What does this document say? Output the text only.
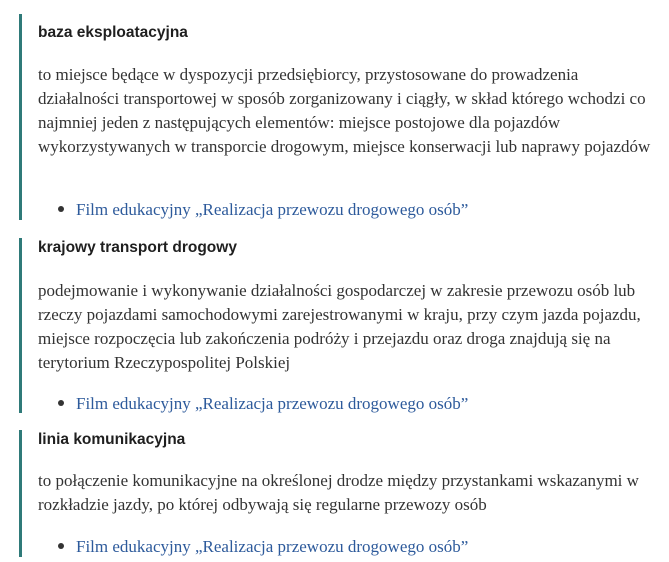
baza eksploatacyjna
to miejsce będące w dyspozycji przedsiębiorcy, przystosowane do prowadzenia działalności transportowej w sposób zorganizowany i ciągły, w skład którego wchodzi co najmniej jeden z następujących elementów: miejsce postojowe dla pojazdów wykorzystywanych w transporcie drogowym, miejsce konserwacji lub naprawy pojazdów
Film edukacyjny „Realizacja przewozu drogowego osób”
krajowy transport drogowy
podejmowanie i wykonywanie działalności gospodarczej w zakresie przewozu osób lub rzeczy pojazdami samochodowymi zarejestrowanymi w kraju, przy czym jazda pojazdu, miejsce rozpoczęcia lub zakończenia podróży i przejazdu oraz droga znajdują się na terytorium Rzeczypospolitej Polskiej
Film edukacyjny „Realizacja przewozu drogowego osób”
linia komunikacyjna
to połączenie komunikacyjne na określonej drodze między przystankami wskazanymi w rozkładzie jazdy, po której odbywają się regularne przewozy osób
Film edukacyjny „Realizacja przewozu drogowego osób”
